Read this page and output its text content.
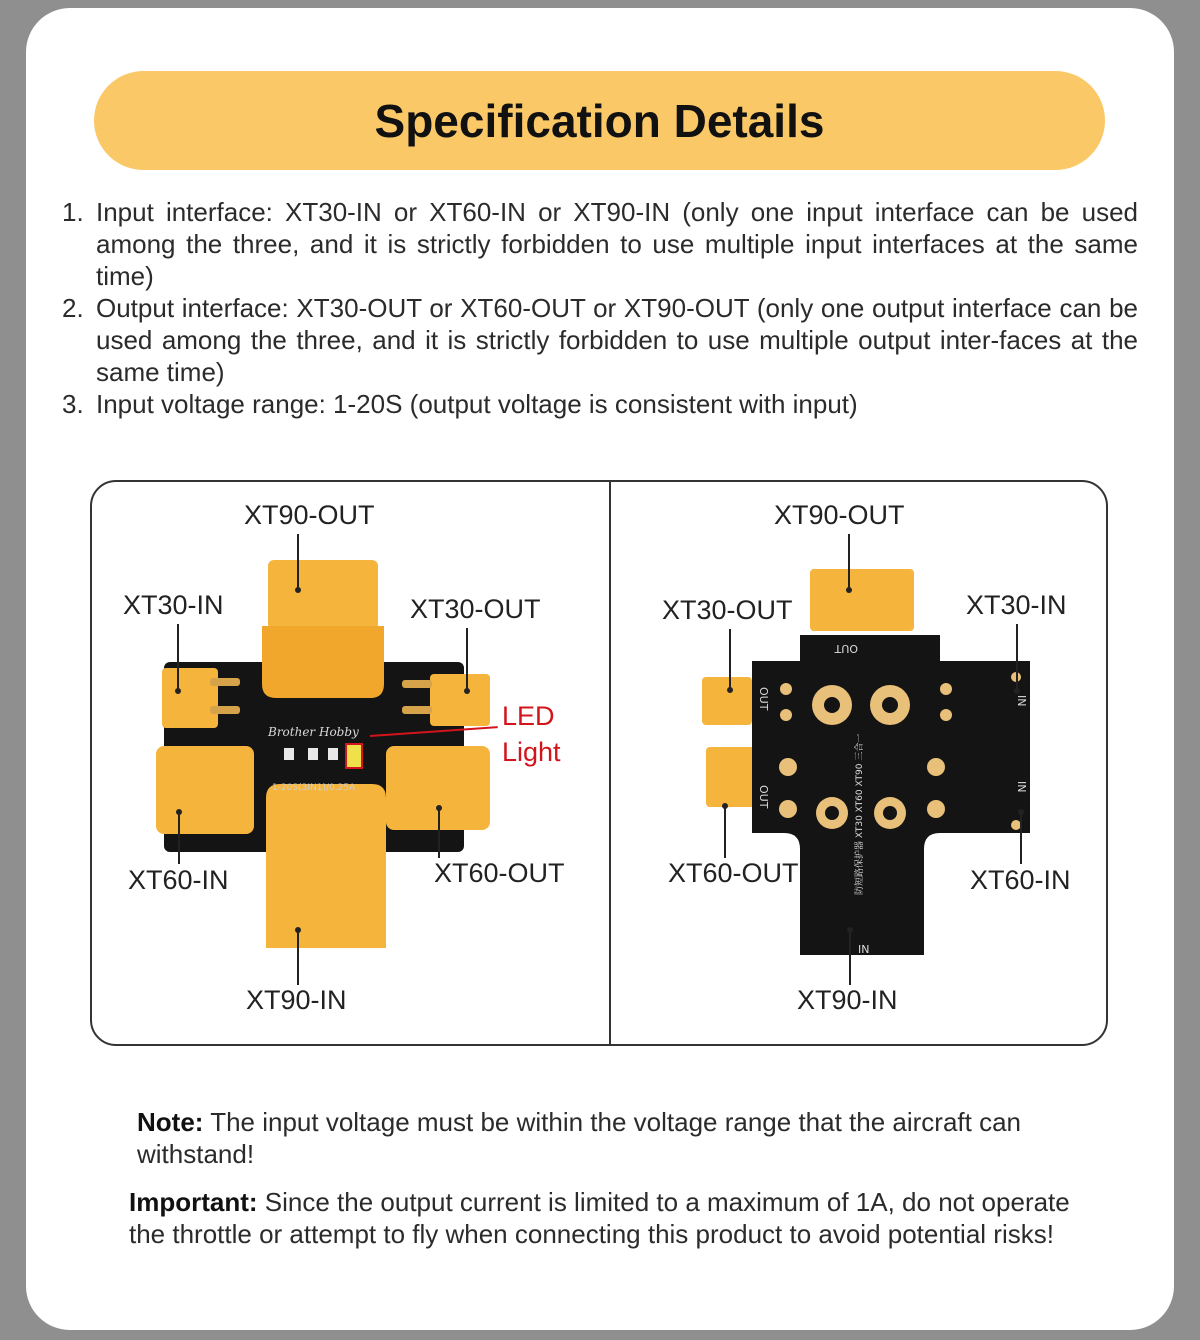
Specification Details
1. Input interface: XT30-IN or XT60-IN or XT90-IN (only one input interface can be used among the three, and it is strictly forbidden to use multiple input interfaces at the same time)
2. Output interface: XT30-OUT or XT60-OUT or XT90-OUT (only one output interface can be used among the three, and it is strictly forbidden to use multiple output inter-faces at the same time)
3. Input voltage range: 1-20S (output voltage is consistent with input)
Brother Hobby
1-20S(3IN1)/0.25A
XT90-OUT
XT30-IN	XT30-OUT
LED
Light
XT60-IN	XT60-OUT
XT90-IN
OUT
OUT
OUT
IN
IN
IN
防短路保护器 XT30 XT60 XT90 三合一
XT90-OUT
XT30-OUT	XT30-IN
XT60-OUT	XT60-IN
XT90-IN
Note: The input voltage must be within the voltage range that the aircraft can withstand!
Important: Since the output current is limited to a maximum of 1A, do not operate the throttle or attempt to fly when connecting this product to avoid potential risks!
